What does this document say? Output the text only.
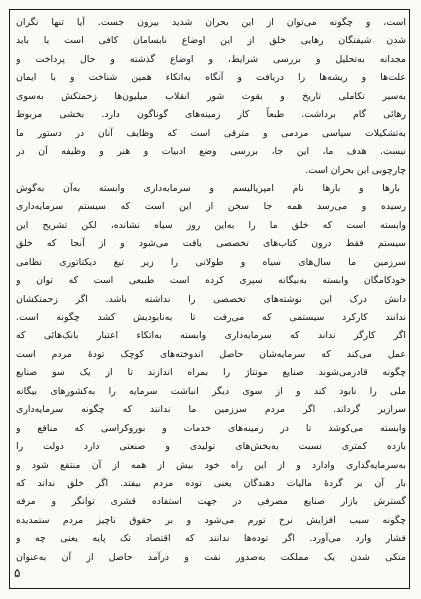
است، و چگونه می‌توان از این بحران شدید بیرون جست. آیا تنها نگران
شدن شیفتگان رهایی خلق از این اوضاع نابسامان کافی است یا باید
مجدانه به‌تحلیل و بررسی شرایط، و اوضاع گذشته و حال پرداخت و
علت‌ها و ریشه‌ها را دریافت و آنگاه به‌اتکاء همین شناخت و با ایمان
به‌سیر تکاملی تاریخ و بقوت شور انقلاب میلیون‌ها زحمتکش به‌سوی
رهائی گام برداشت. طبعاً کار زمینه‌های گوناگون دارد. بخشی مربوط
به‌تشکیلات سیاسی مردمی و مترقی است که وظایف آنان در دستور ما
نیست. هدف ما، این جا، بررسی وضع ادبیات و هنر و وظیفه آن در
چارچوبی این بحران است.
بارها و بارها نام امپریالیسم و سرمایه‌داری وابسته به‌آن به‌گوش
رسیده و می‌رسد همه جا سخن از این است که سیستم سرمایه‌داری
وابسته است که خلق ما را به‌این روز سیاه نشانده، لکن تشریح این
سیستم فقط درون کتاب‌های تخصصی یافت می‌شود و از آنجا که خلق
سرزمین ما سال‌های سیاه و طولانی را زیر تیغ دیکتاتوری نظامی
خودکامگان وابسته به‌بیگانه سپری کرده است طبیعی است که توان و
دانش درک این نوشته‌های تخصصی را نداشته باشد. اگر زحمتکشان
ندانند کارکرد سیستمی که می‌رفت تا به‌نابودیش کشد چگونه است.
اگر کارگر نداند که سرمایه‌داری وابسته به‌اتکاء اعتبار بانک‌هائی که
عمل می‌کند که سرمایه‌شان حاصل اندوخته‌های کوچک تودهٔ مردم است
چگونه قادرمی‌شوند صنایع مونتاژ را بمراه اندازند تا از یک سو صنایع
ملی را نابود کند و از سوی دیگر انباشت سرمایه را به‌کشورهای بیگانه
سرازیر گرداند. اگر مردم سرزمین ما ندانند که چگونه سرمایه‌داری
وابسته می‌کوشد تا در زمینه‌های خدمات و بوروکراسی که منافع و
بازده کمتری نسبت به‌بخش‌های تولیدی و صنعتی دارد دولت را
به‌سرمایه‌گذاری وادارد و از این راه خود بیش از همه از آن منتفع شود و
بار آن بر گردهٔ مالیات دهندگان یعنی توده مردم بیفتد. اگر خلق نداند که
گسترش بازار صنایع مصرفی در جهت استفاده قشری توانگر و مرفه
چگونه سبب افزایش نرخ تورم می‌شود و بر حقوق ناچیز مردم ستمدیده
فشار وارد می‌آورد. اگر توده‌ها ندانند که اقتصاد تک پایه یعنی چه و
متکی شدن یک مملکت به‌صدور نفت و درآمد حاصل از آن به‌عنوان
۵
